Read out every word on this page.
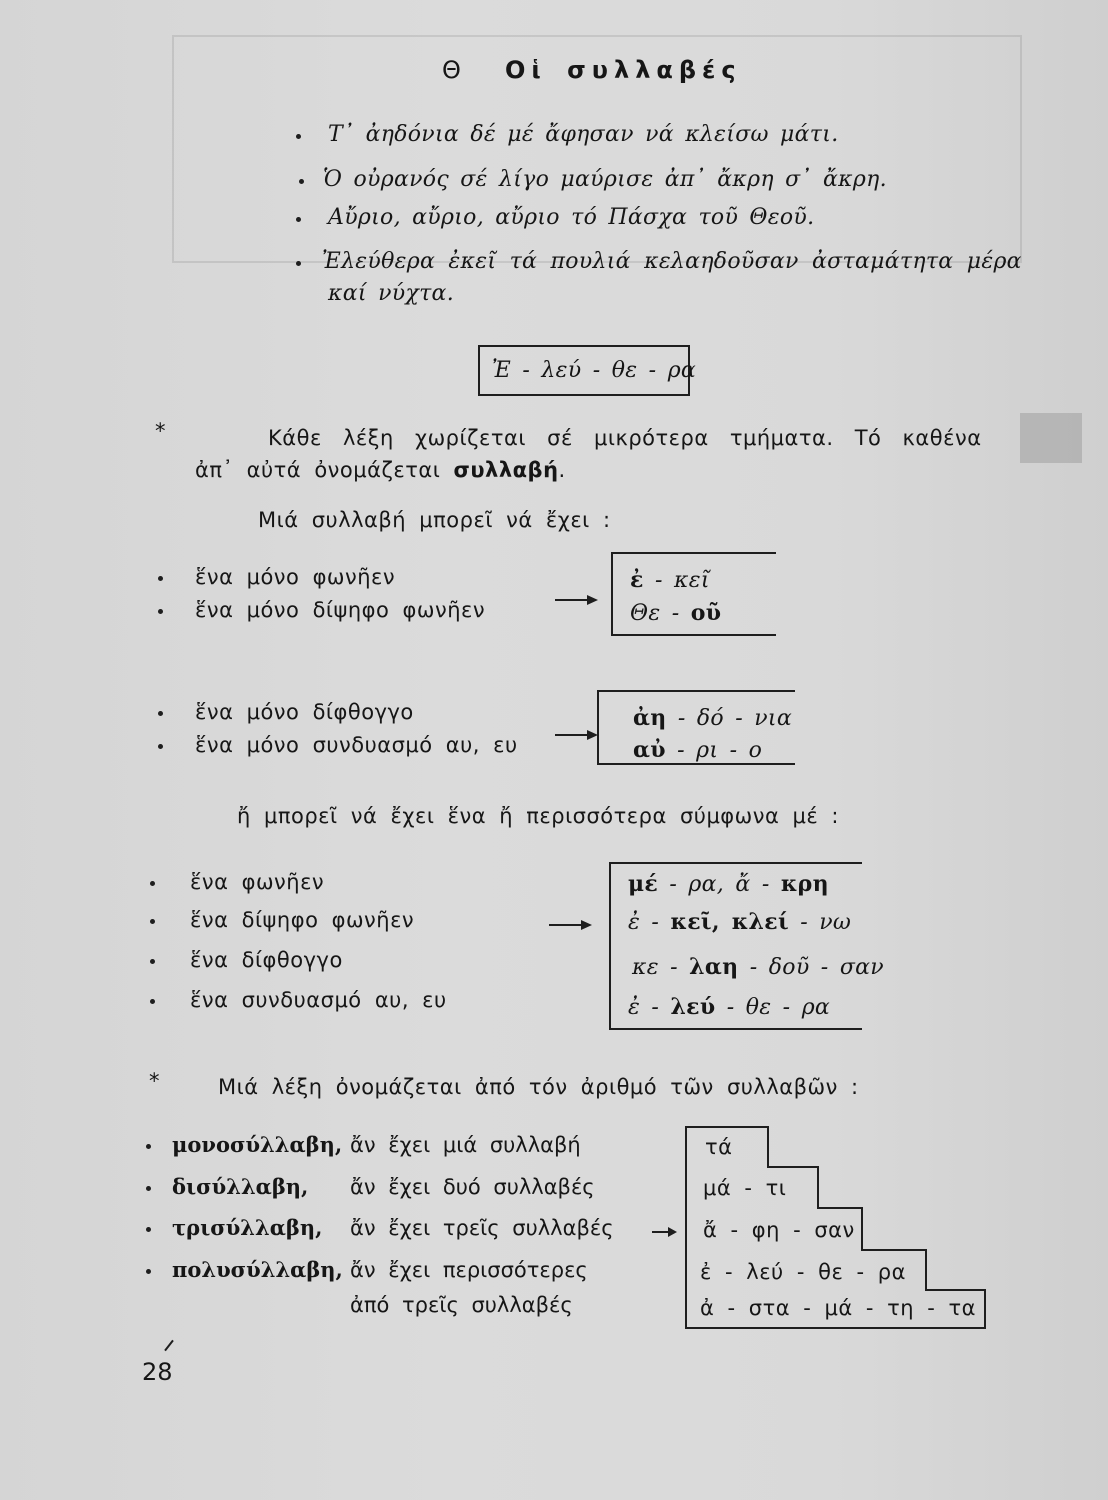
Θ Οἱ συλλαβές
Τ᾿ ἀηδόνια δέ μέ ἄφησαν νά κλείσω μάτι.
Ὁ οὐρανός σέ λίγο μαύρισε ἀπ᾿ ἄκρη σ᾿ ἄκρη.
Αὔριο, αὔριο, αὔριο τό Πάσχα τοῦ Θεοῦ.
Ἐλεύθερα ἐκεῖ τά πουλιά κελαηδοῦσαν ἀσταμάτητα μέρα
καί νύχτα.
Ἐ - λεύ - θε - ρα
*	Κάθε λέξη χωρίζεται σέ μικρότερα τμήματα. Τό καθένα
ἀπ᾿ αὐτά ὀνομάζεται συλλαβή.
Μιά συλλαβή μπορεῖ νά ἔχει :
ἕνα μόνο φωνῆεν
ἕνα μόνο δίψηφο φωνῆεν
ἐ - κεῖ
Θε - οῦ
ἕνα μόνο δίφθογγο
ἕνα μόνο συνδυασμό αυ, ευ
ἀη - δό - νια
αὐ - ρι - ο
ἤ μπορεῖ νά ἔχει ἕνα ἤ περισσότερα σύμφωνα μέ :
ἕνα φωνῆεν
ἕνα δίψηφο φωνῆεν
ἕνα δίφθογγο
ἕνα συνδυασμό αυ, ευ
μέ - ρα, ἄ - κρη
ἐ - κεῖ, κλεί - νω
κε - λαη - δοῦ - σαν
ἐ - λεύ - θε - ρα
*	Μιά λέξη ὀνομάζεται ἀπό τόν ἀριθμό τῶν συλλαβῶν :
μονοσύλλαβη, ἄν ἔχει μιά συλλαβή
δισύλλαβη, ἄν ἔχει δυό συλλαβές
τρισύλλαβη, ἄν ἔχει τρεῖς συλλαβές
πολυσύλλαβη, ἄν ἔχει περισσότερες
ἀπό τρεῖς συλλαβές
τά
μά - τι
ἄ - φη - σαν
ἐ - λεύ - θε - ρα
ἀ - στα - μά - τη - τα
28
